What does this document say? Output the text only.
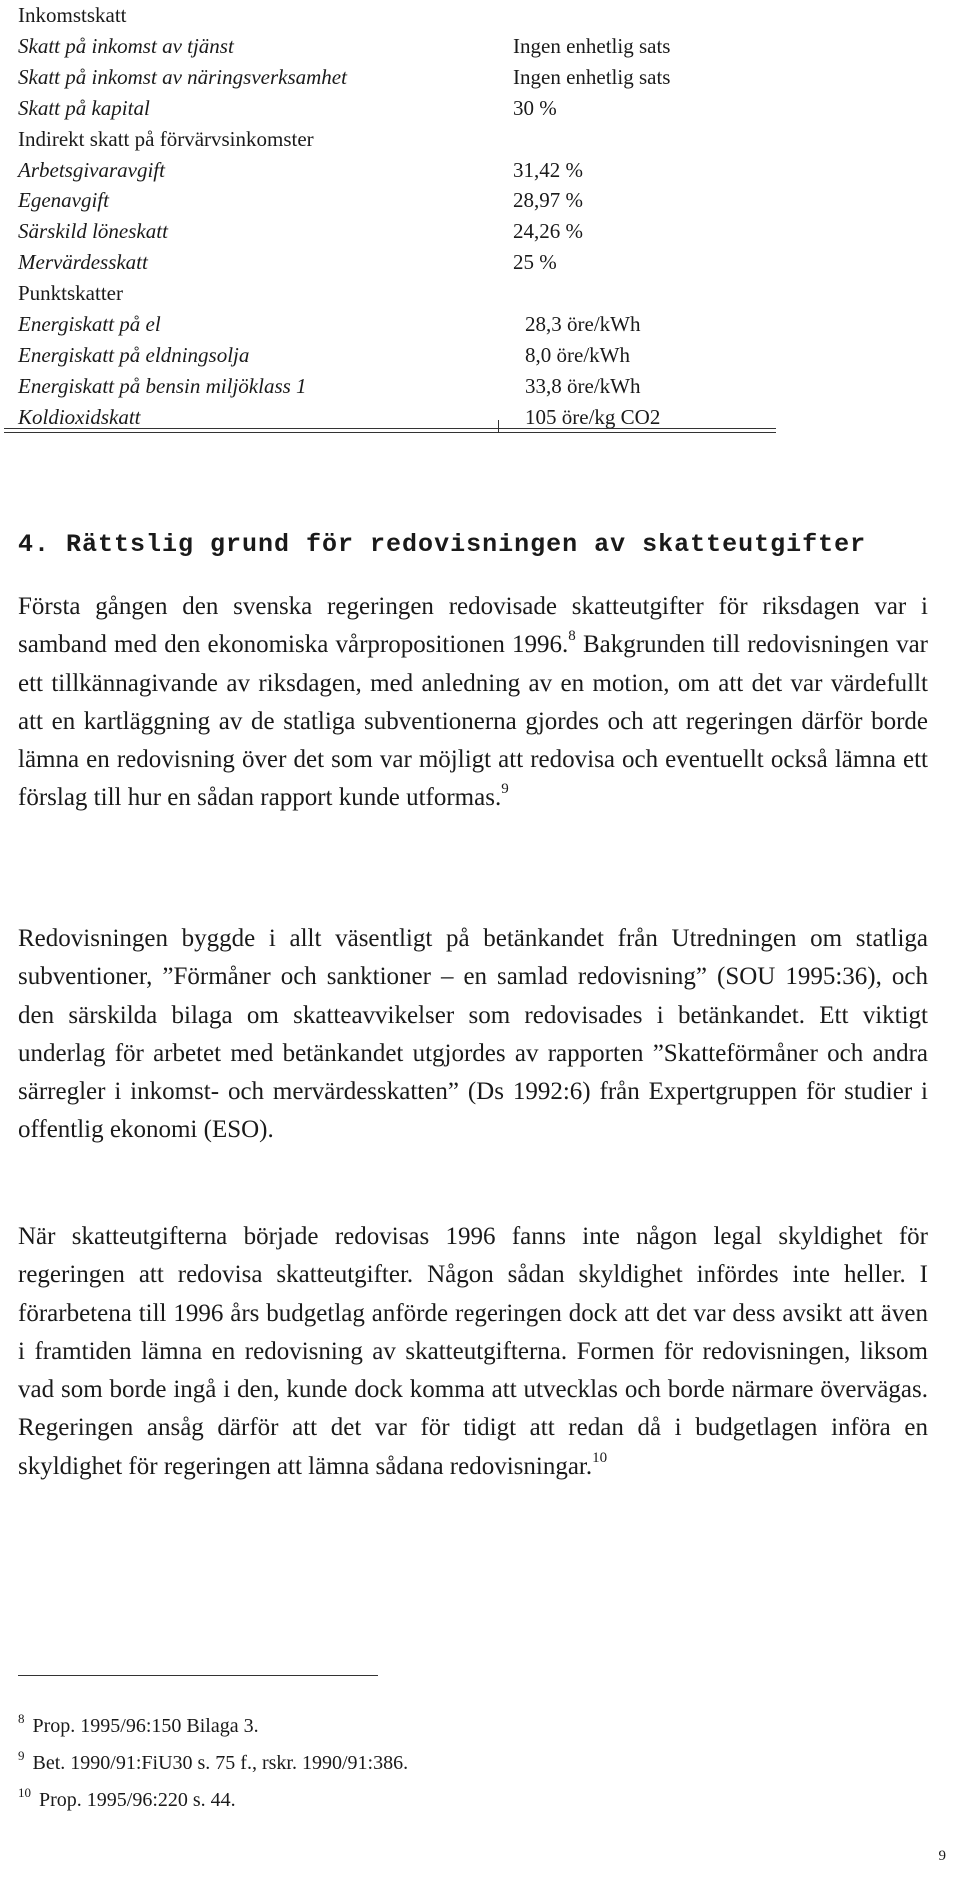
Inkomstskatt
Skatt på inkomst av tjänst	Ingen enhetlig sats
Skatt på inkomst av näringsverksamhet	Ingen enhetlig sats
Skatt på kapital	30 %
Indirekt skatt på förvärvsinkomster
Arbetsgivaravgift	31,42 %
Egenavgift	28,97 %
Särskild löneskatt	24,26 %
Mervärdesskatt	25 %
Punktskatter
Energiskatt på el	28,3 öre/kWh
Energiskatt på eldningsolja	8,0 öre/kWh
Energiskatt på bensin miljöklass 1	33,8 öre/kWh
Koldioxidskatt	105 öre/kg CO2
4. Rättslig grund för redovisningen av skatteutgifter

Första gången den svenska regeringen redovisade skatteutgifter för riksdagen var i samband med den ekonomiska vårpropositionen 1996.$^8$ Bakgrunden till redovisningen var ett tillkännagivande av riksdagen, med anledning av en motion, om att det var värdefullt att en kartläggning av de statliga subventionerna gjordes och att regeringen därför borde lämna en redovisning över det som var möjligt att redovisa och eventuellt också lämna ett förslag till hur en sådan rapport kunde utformas.$^9$

Redovisningen byggde i allt väsentligt på betänkandet från Utredningen om statliga subventioner, ”Förmåner och sanktioner – en samlad redovisning” (SOU 1995:36), och den särskilda bilaga om skatteavvikelser som redovisades i betänkandet. Ett viktigt underlag för arbetet med betänkandet utgjordes av rapporten ”Skatteförmåner och andra särregler i inkomst- och mervärdesskatten” (Ds 1992:6) från Expertgruppen för studier i offentlig ekonomi (ESO).

När skatteutgifterna började redovisas 1996 fanns inte någon legal skyldighet för regeringen att redovisa skatteutgifter. Någon sådan skyldighet infördes inte heller. I förarbetena till 1996 års budgetlag anförde regeringen dock att det var dess avsikt att även i framtiden lämna en redovisning av skatteutgifterna. Formen för redovisningen, liksom vad som borde ingå i den, kunde dock komma att utvecklas och borde närmare övervägas. Regeringen ansåg därför att det var för tidigt att redan då i budgetlagen införa en skyldighet för regeringen att lämna sådana redovisningar.$^{10}$

$^8$ Prop. 1995/96:150 Bilaga 3.
$^9$ Bet. 1990/91:FiU30 s. 75 f., rskr. 1990/91:386.
$^{10}$ Prop. 1995/96:220 s. 44.
9
